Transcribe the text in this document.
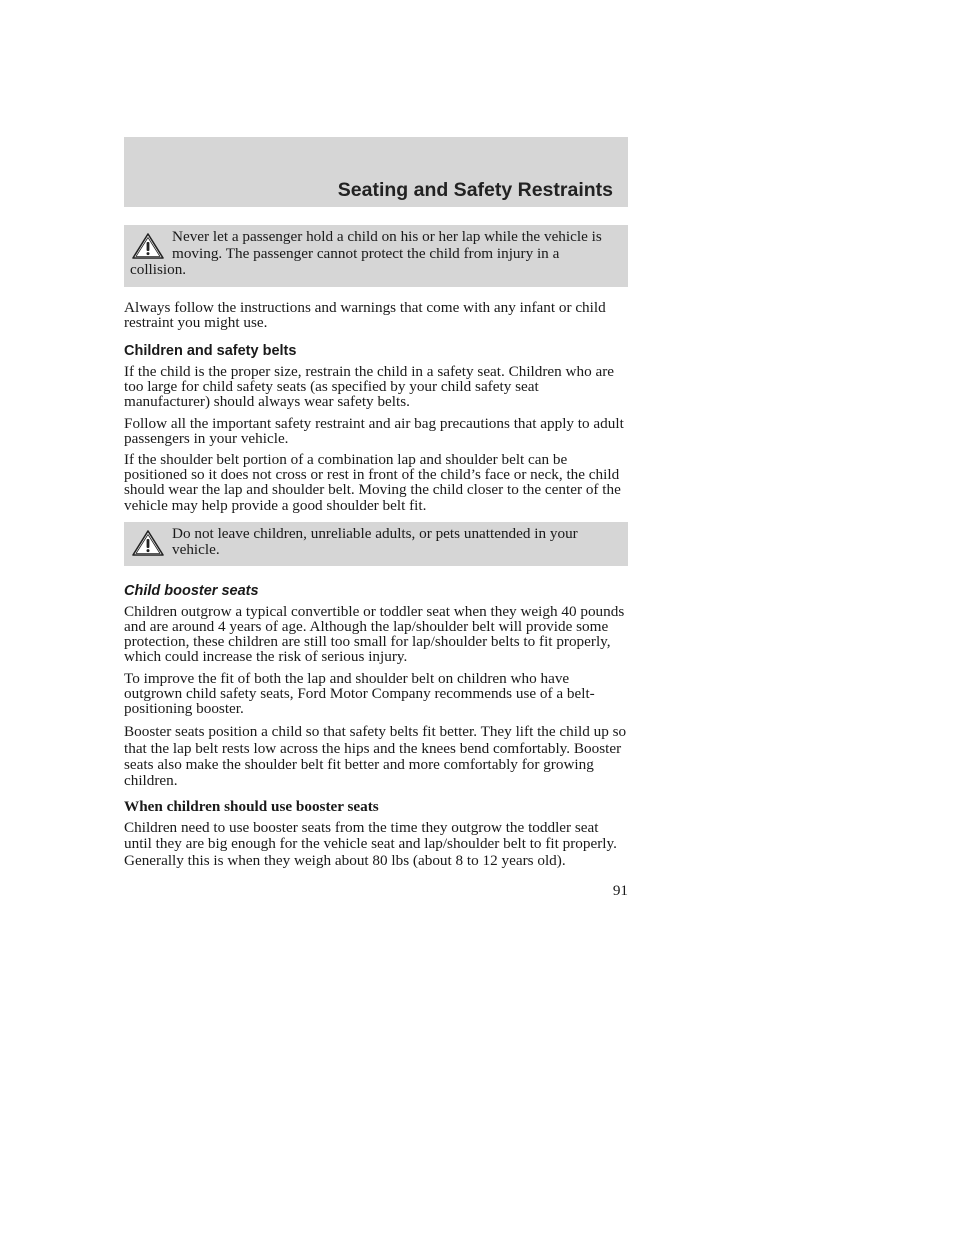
Seating and Safety Restraints
Never let a passenger hold a child on his or her lap while the vehicle is moving. The passenger cannot protect the child from injury in a collision.

Always follow the instructions and warnings that come with any infant or child restraint you might use.

Children and safety belts

If the child is the proper size, restrain the child in a safety seat. Children who are too large for child safety seats (as specified by your child safety seat manufacturer) should always wear safety belts.

Follow all the important safety restraint and air bag precautions that apply to adult passengers in your vehicle.

If the shoulder belt portion of a combination lap and shoulder belt can be positioned so it does not cross or rest in front of the child’s face or neck, the child should wear the lap and shoulder belt. Moving the child closer to the center of the vehicle may help provide a good shoulder belt fit.

Do not leave children, unreliable adults, or pets unattended in your vehicle.
Child booster seats

Children outgrow a typical convertible or toddler seat when they weigh 40 pounds and are around 4 years of age. Although the lap/shoulder belt will provide some protection, these children are still too small for lap/shoulder belts to fit properly, which could increase the risk of serious injury.

To improve the fit of both the lap and shoulder belt on children who have outgrown child safety seats, Ford Motor Company recommends use of a belt-positioning booster.

Booster seats position a child so that safety belts fit better. They lift the child up so that the lap belt rests low across the hips and the knees bend comfortably. Booster seats also make the shoulder belt fit better and more comfortably for growing children.

When children should use booster seats

Children need to use booster seats from the time they outgrow the toddler seat until they are big enough for the vehicle seat and lap/shoulder belt to fit properly. Generally this is when they weigh about 80 lbs (about 8 to 12 years old).

91
